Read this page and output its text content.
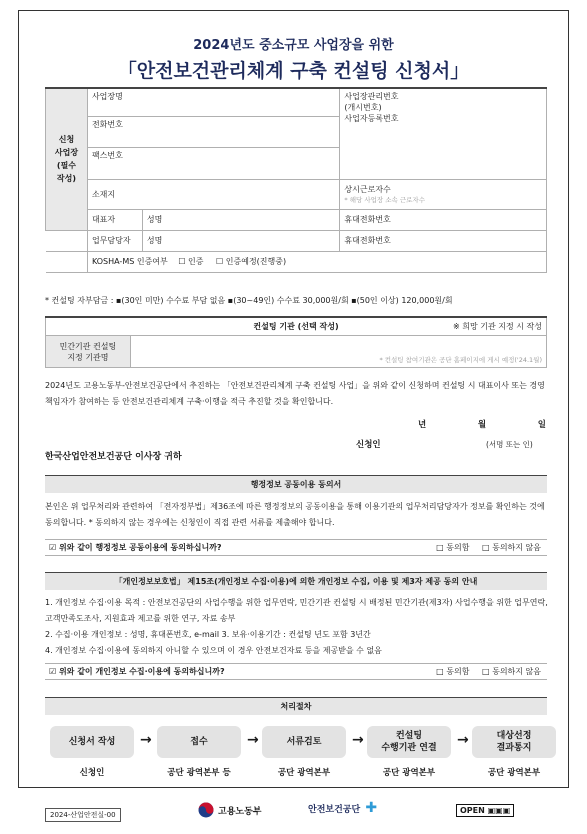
2024년도 중소규모 사업장을 위한
「안전보건관리체계 구축 컨설팅 신청서」
신청
사업장
(필수
작성)	사업장명		사업장관리번호
(개시번호)
사업자등록번호
	전화번호		
	팩스번호		
	소재지		상시근로자수
* 해당 사업장 소속 근로자수

	대표자	성명	휴대전화번호
	업무담당자	성명	휴대전화번호
	KOSHA-MS 인증여부 ☐ 인증 ☐ 인증예정(진행중)		
* 컨설팅 자부담금 : ▪(30인 미만) 수수료 부담 없음 ▪(30~49인) 수수료 30,000원/회 ▪(50인 이상) 120,000원/회
컨설팅 기관 (선택 작성)	※ 희망 기관 지정 시 작성

민간기관 컨설팅
지정 기관명	* 컨설팅 참여기관은 공단 홈페이지에 게시 예정('24.1월)
2024년도 고용노동부-안전보건공단에서 추진하는 「안전보건관리체계 구축 컨설팅 사업」을 위와 같이 신청하며 컨설팅 시 대표이사 또는 경영책임자가 참여하는 등 안전보건관리체계 구축·이행을 적극 추진할 것을 확인합니다.
년	월	일
신청인	(서명 또는 인)
한국산업안전보건공단 이사장 귀하
행정정보 공동이용 동의서
본인은 위 업무처리와 관련하여 「전자정부법」제36조에 따른 행정정보의 공동이용을 통해 이용기관의 업무처리담당자가 정보를 확인하는 것에 동의합니다. * 동의하지 않는 경우에는 신청인이 직접 관련 서류를 제출해야 합니다.
☑ 위와 같이 행정정보 공동이용에 동의하십니까?	□ 동의함 □ 동의하지 않음
「개인정보보호법」 제15조(개인정보 수집·이용)에 의한 개인정보 수집, 이용 및 제3자 제공 동의 안내
1. 개인정보 수집·이용 목적 : 안전보건공단의 사업수행을 위한 업무연락, 민간기관 컨설팅 시 배정된 민간기관(제3자) 사업수행을 위한 업무연락, 고객만족도조사, 지원효과 제고를 위한 연구, 자료 송부
2. 수집·이용 개인정보 : 성명, 휴대폰번호, e-mail 3. 보유·이용기간 : 컨설팅 년도 포함 3년간
4. 개인정보 수집·이용에 동의하지 아니할 수 있으며 이 경우 안전보건자료 등을 제공받을 수 없음
☑ 위와 같이 개인정보 수집·이용에 동의하십니까?	□ 동의함 □ 동의하지 않음
처리절차
신청서 작성 →	접수	→	서류검토 →	컨설팅
수행기관 연결 →	대상선정
결과통지
신청인	공단 광역본부 등	공단 광역본부	공단 광역본부	공단 광역본부
2024-산업안전실-00	고용노동부	안전보건공단 ✚	OPEN ▣▣▣
